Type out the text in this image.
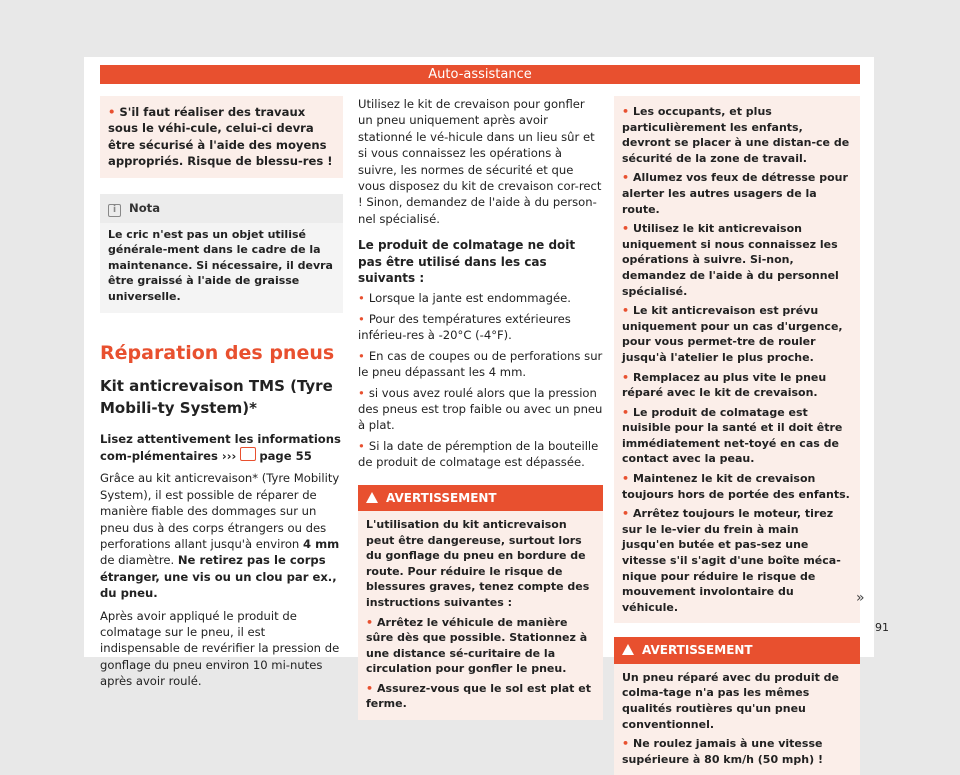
Auto-assistance

• S'il faut réaliser des travaux sous le véhi-cule, celui-ci devra être sécurisé à l'aide des moyens appropriés. Risque de blessu-res !

i Nota
Le cric n'est pas un objet utilisé générale-ment dans le cadre de la maintenance. Si nécessaire, il devra être graissé à l'aide de graisse universelle.
Réparation des pneus
Kit anticrevaison TMS (Tyre Mobili-ty System)*

Lisez attentivement les informations com-plémentaires ››› page 55

Grâce au kit anticrevaison* (Tyre Mobility System), il est possible de réparer de manière fiable des dommages sur un pneu dus à des corps étrangers ou des perforations allant jusqu'à environ 4 mm de diamètre. Ne retirez pas le corps étranger, une vis ou un clou par ex., du pneu.

Après avoir appliqué le produit de colmatage sur le pneu, il est indispensable de revérifier la pression de gonflage du pneu environ 10 mi-nutes après avoir roulé.

Utilisez le kit de crevaison pour gonfler un pneu uniquement après avoir stationné le vé-hicule dans un lieu sûr et si vous connaissez les opérations à suivre, les normes de sécurité et que vous disposez du kit de crevaison cor-rect ! Sinon, demandez de l'aide à du person-nel spécialisé.

Le produit de colmatage ne doit pas être utilisé dans les cas suivants :

• Lorsque la jante est endommagée.

• Pour des températures extérieures inférieu-res à -20°C (-4°F).

• En cas de coupes ou de perforations sur le pneu dépassant les 4 mm.

• si vous avez roulé alors que la pression des pneus est trop faible ou avec un pneu à plat.

• Si la date de péremption de la bouteille de produit de colmatage est dépassée.

AVERTISSEMENT

L'utilisation du kit anticrevaison peut être dangereuse, surtout lors du gonflage du pneu en bordure de route. Pour réduire le risque de blessures graves, tenez compte des instructions suivantes :

• Arrêtez le véhicule de manière sûre dès que possible. Stationnez à une distance sé-curitaire de la circulation pour gonfler le pneu.

• Assurez-vous que le sol est plat et ferme.

• Les occupants, et plus particulièrement les enfants, devront se placer à une distan-ce de sécurité de la zone de travail.

• Allumez vos feux de détresse pour alerter les autres usagers de la route.

• Utilisez le kit anticrevaison uniquement si nous connaissez les opérations à suivre. Si-non, demandez de l'aide à du personnel spécialisé.

• Le kit anticrevaison est prévu uniquement pour un cas d'urgence, pour vous permet-tre de rouler jusqu'à l'atelier le plus proche.

• Remplacez au plus vite le pneu réparé avec le kit de crevaison.

• Le produit de colmatage est nuisible pour la santé et il doit être immédiatement net-toyé en cas de contact avec la peau.

• Maintenez le kit de crevaison toujours hors de portée des enfants.

• Arrêtez toujours le moteur, tirez sur le le-vier du frein à main jusqu'en butée et pas-sez une vitesse s'il s'agit d'une boîte méca-nique pour réduire le risque de mouvement involontaire du véhicule.

AVERTISSEMENT

Un pneu réparé avec du produit de colma-tage n'a pas les mêmes qualités routières qu'un pneu conventionnel.

• Ne roulez jamais à une vitesse supérieure à 80 km/h (50 mph) !

»
91
